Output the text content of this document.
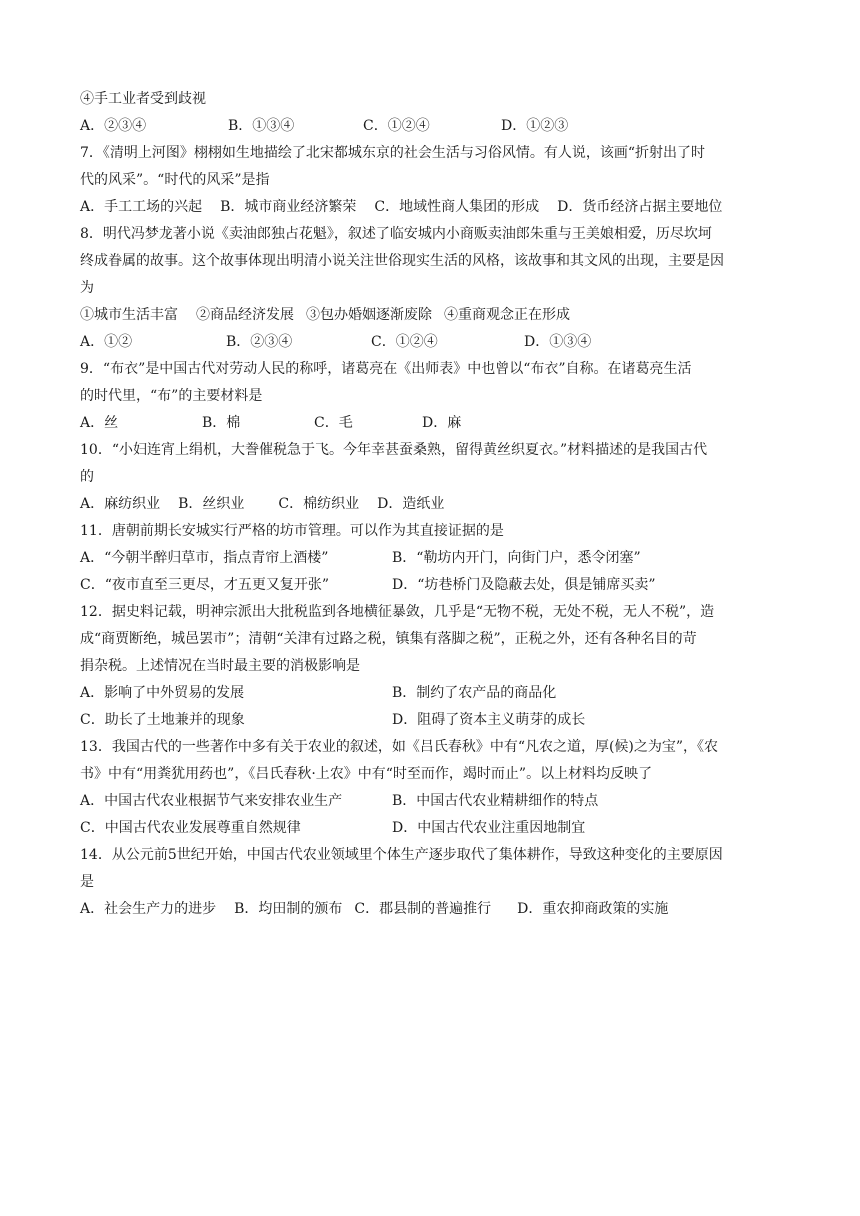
④手工业者受到歧视
A．②③④	B．①③④	C．①②④	D．①②③
7．《清明上河图》栩栩如生地描绘了北宋都城东京的社会生活与习俗风情。有人说，该画“折射出了时
代的风采”。“时代的风采”是指
A．手工工场的兴起 B．城市商业经济繁荣 C．地域性商人集团的形成 D．货币经济占据主要地位
8．明代冯梦龙著小说《卖油郎独占花魁》，叙述了临安城内小商贩卖油郎朱重与王美娘相爱，历尽坎坷
终成眷属的故事。这个故事体现出明清小说关注世俗现实生活的风格，该故事和其文风的出现，主要是因
为
①城市生活丰富 ②商品经济发展 ③包办婚姻逐渐废除 ④重商观念正在形成
A．①②	B．②③④	C．①②④	D．①③④
9．“布衣”是中国古代对劳动人民的称呼，诸葛亮在《出师表》中也曾以“布衣”自称。在诸葛亮生活
的时代里，“布”的主要材料是
A．丝	B．棉	C．毛	D．麻
10．“小妇连宵上绢机，大誊催税急于飞。今年幸甚蚕桑熟，留得黄丝织夏衣。”材料描述的是我国古代
的
A．麻纺织业 B．丝织业 C．棉纺织业 D．造纸业
11．唐朝前期长安城实行严格的坊市管理。可以作为其直接证据的是
A．“今朝半醉归草市，指点青帘上酒楼”	B．“勒坊内开门，向街门户，悉令闭塞”
C．“夜市直至三更尽，才五更又复开张”	D．“坊巷桥门及隐蔽去处，俱是铺席买卖”
12．据史料记载，明神宗派出大批税监到各地横征暴敛，几乎是“无物不税，无处不税，无人不税”，造
成“商贾断绝，城邑罢市”；清朝“关津有过路之税，镇集有落脚之税”，正税之外，还有各种名目的苛
捐杂税。上述情况在当时最主要的消极影响是
A．影响了中外贸易的发展	B．制约了农产品的商品化
C．助长了土地兼并的现象	D．阻碍了资本主义萌芽的成长
13．我国古代的一些著作中多有关于农业的叙述，如《吕氏春秋》中有“凡农之道，厚(候)之为宝”，《农
书》中有“用粪犹用药也”，《吕氏春秋·上农》中有“时至而作，竭时而止”。以上材料均反映了
A．中国古代农业根据节气来安排农业生产	B．中国古代农业精耕细作的特点
C．中国古代农业发展尊重自然规律	D．中国古代农业注重因地制宜
14．从公元前5世纪开始，中国古代农业领域里个体生产逐步取代了集体耕作，导致这种变化的主要原因
是
A．社会生产力的进步 B．均田制的颁布 C．郡县制的普遍推行 D．重农抑商政策的实施
